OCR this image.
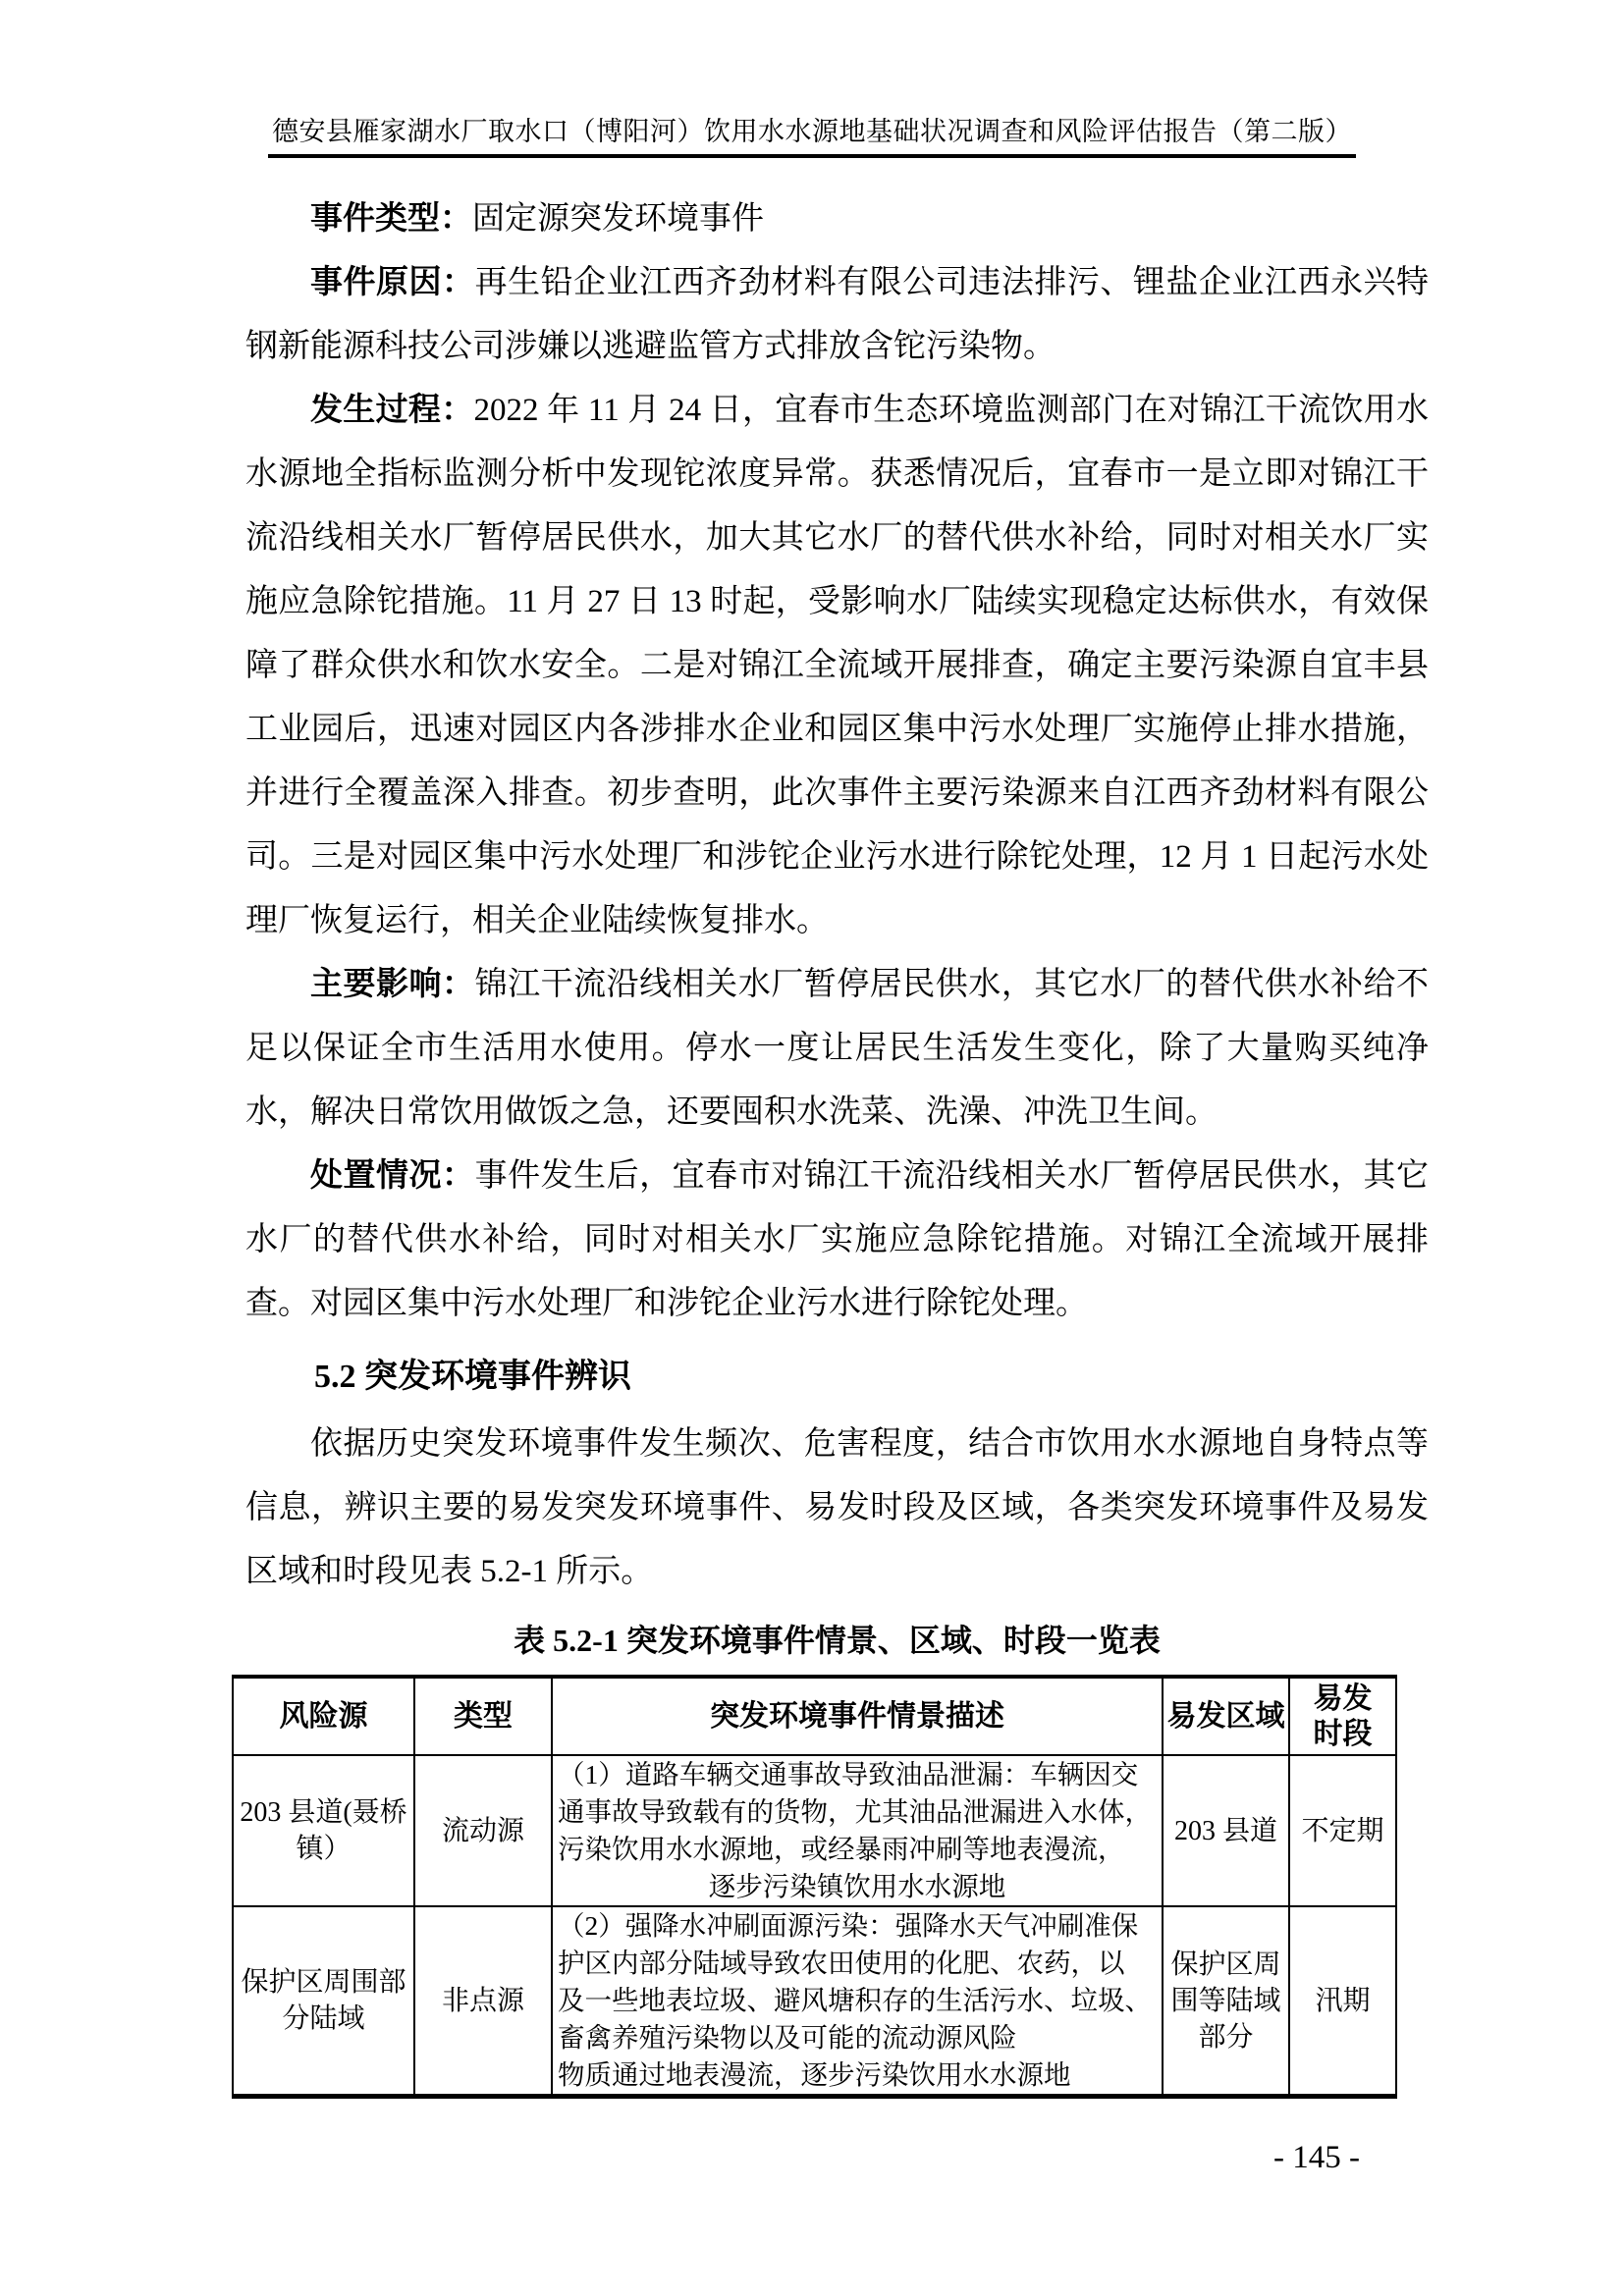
德安县雁家湖水厂取水口（博阳河）饮用水水源地基础状况调查和风险评估报告（第二版）

事件类型：固定源突发环境事件

事件原因：再生铅企业江西齐劲材料有限公司违法排污、锂盐企业江西永兴特钢新能源科技公司涉嫌以逃避监管方式排放含铊污染物。

发生过程：2022 年 11 月 24 日，宜春市生态环境监测部门在对锦江干流饮用水水源地全指标监测分析中发现铊浓度异常。获悉情况后，宜春市一是立即对锦江干流沿线相关水厂暂停居民供水，加大其它水厂的替代供水补给，同时对相关水厂实施应急除铊措施。11 月 27 日 13 时起，受影响水厂陆续实现稳定达标供水，有效保障了群众供水和饮水安全。二是对锦江全流域开展排查，确定主要污染源自宜丰县工业园后，迅速对园区内各涉排水企业和园区集中污水处理厂实施停止排水措施，并进行全覆盖深入排查。初步查明，此次事件主要污染源来自江西齐劲材料有限公司。三是对园区集中污水处理厂和涉铊企业污水进行除铊处理，12 月 1 日起污水处理厂恢复运行，相关企业陆续恢复排水。

主要影响：锦江干流沿线相关水厂暂停居民供水，其它水厂的替代供水补给不足以保证全市生活用水使用。停水一度让居民生活发生变化，除了大量购买纯净水，解决日常饮用做饭之急，还要囤积水洗菜、洗澡、冲洗卫生间。

处置情况：事件发生后，宜春市对锦江干流沿线相关水厂暂停居民供水，其它水厂的替代供水补给，同时对相关水厂实施应急除铊措施。对锦江全流域开展排查。对园区集中污水处理厂和涉铊企业污水进行除铊处理。

5.2 突发环境事件辨识

依据历史突发环境事件发生频次、危害程度，结合市饮用水水源地自身特点等信息，辨识主要的易发突发环境事件、易发时段及区域，各类突发环境事件及易发区域和时段见表 5.2-1 所示。

表 5.2-1 突发环境事件情景、区域、时段一览表
风险源	类型	突发环境事件情景描述	易发区域	易发时段
203 县道(聂桥镇）	流动源	（1）道路车辆交通事故导致油品泄漏：车辆因交
通事故导致载有的货物，尤其油品泄漏进入水体，
污染饮用水水源地，或经暴雨冲刷等地表漫流，
逐步污染镇饮用水水源地	203 县道	不定期
保护区周围部分陆域	非点源	（2）强降水冲刷面源污染：强降水天气冲刷准保
护区内部分陆域导致农田使用的化肥、农药，以
及一些地表垃圾、避风塘积存的生活污水、垃圾、
畜禽养殖污染物以及可能的流动源风险
物质通过地表漫流，逐步污染饮用水水源地	保护区周围等陆域部分	汛期
- 145 -
